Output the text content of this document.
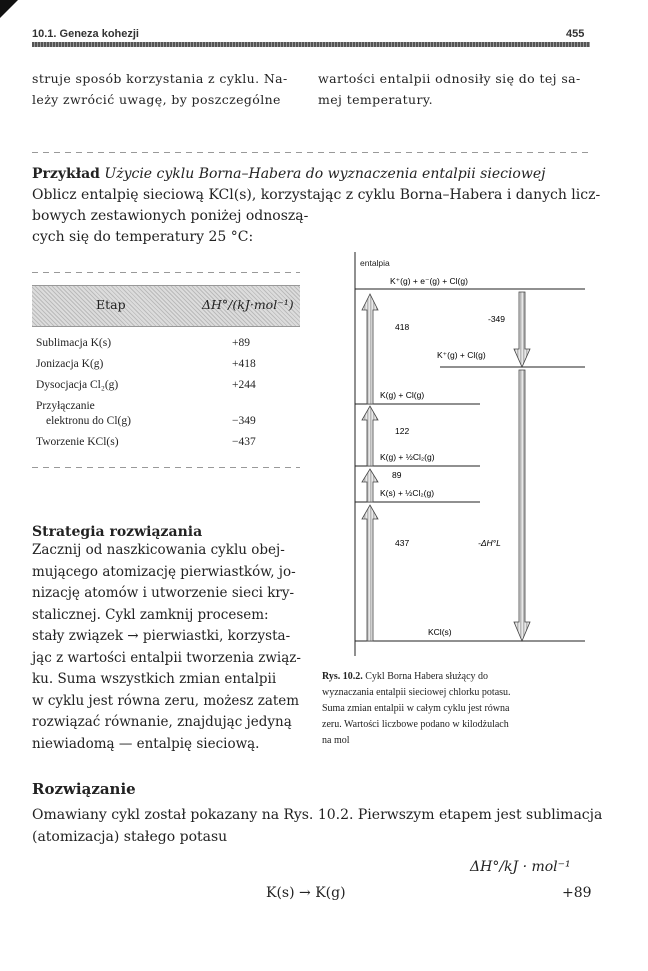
10.1. Geneza kohezji	455
struje sposób korzystania z cyklu. Na-
leży zwrócić uwagę, by poszczególne
wartości entalpii odnosiły się do tej sa-
mej temperatury.
Przykład Użycie cyklu Borna–Habera do wyznaczenia entalpii sieciowej
Oblicz entalpię sieciową KCl(s), korzystając z cyklu Borna–Habera i danych licz-
bowych zestawionych poniżej odnoszą-
cych się do temperatury 25 °C:
Etap	ΔH°/(kJ·mol⁻¹)
Sublimacja K(s)	+89
Jonizacja K(g)	+418
Dysocjacja Cl₂(g)	+244
Przyłączanie
elektronu do Cl(g)	−349
Tworzenie KCl(s)	−437
Strategia rozwiązania
Zacznij od naszkicowania cyklu obej-
mującego atomizację pierwiastków, jo-
nizację atomów i utworzenie sieci kry-
stalicznej. Cykl zamknij procesem:
stały związek → pierwiastki, korzysta-
jąc z wartości entalpii tworzenia związ-
ku. Suma wszystkich zmian entalpii
w cyklu jest równa zeru, możesz zatem
rozwiązać równanie, znajdując jedyną
niewiadomą — entalpię sieciową.
entalpia
K⁺(g) + e⁻(g) + Cl(g)
K⁺(g) + Cl(g)
K(g) + Cl(g)
K(g) + ½Cl₂(g)
K(s) + ½Cl₂(g)
KCl(s)
418
-349
122
89
437	-ΔH°L
Rys. 10.2. Cykl Borna Habera służący do
wyznaczania entalpii sieciowej chlorku potasu.
Suma zmian entalpii w całym cyklu jest równa
zeru. Wartości liczbowe podano w kilodżulach
na mol
Rozwiązanie
Omawiany cykl został pokazany na Rys. 10.2. Pierwszym etapem jest sublimacja
(atomizacja) stałego potasu
ΔH°/kJ · mol⁻¹
K(s) → K(g)	+89
